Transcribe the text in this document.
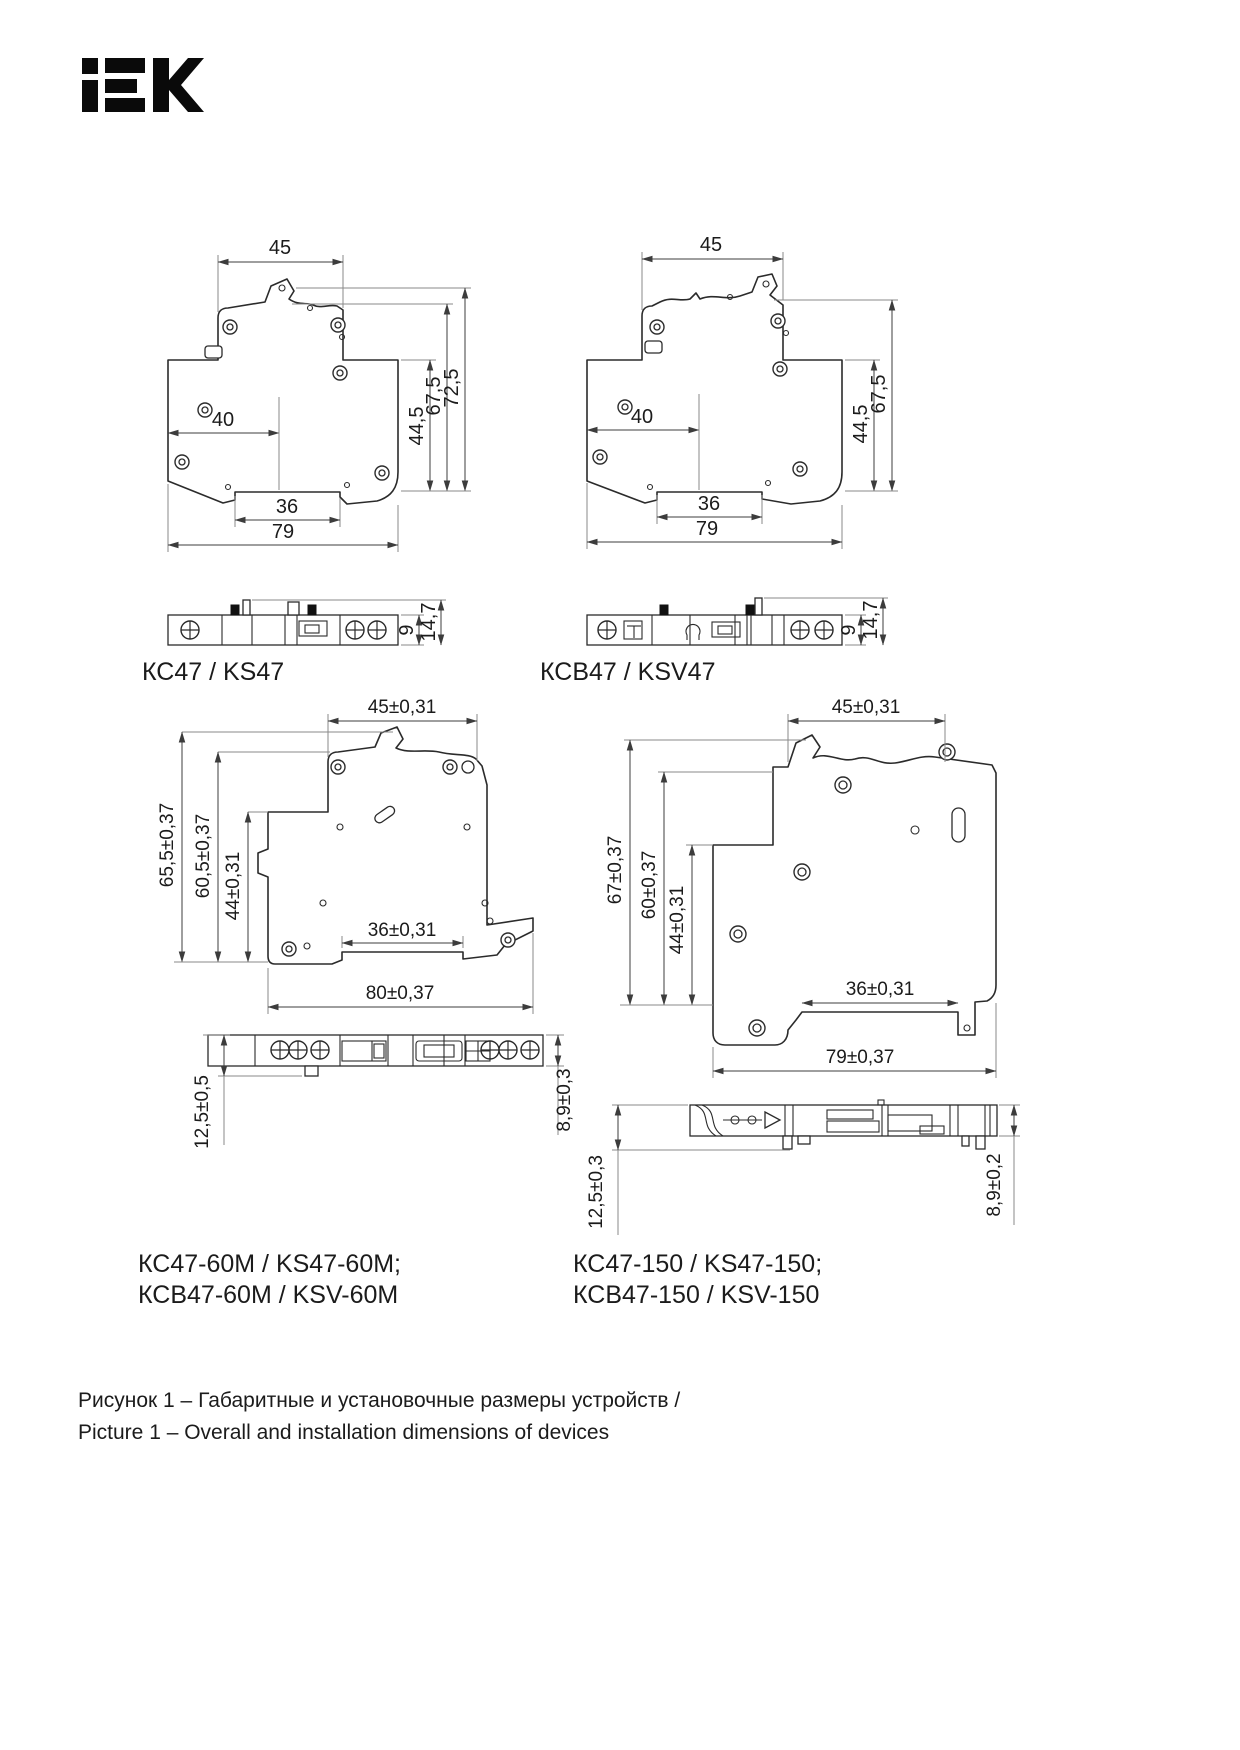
45
40
36
79
44,5
67,5
72,5
9 14,7
КС47 / KS47
45
40
36
79
44,5
67,5
9 14,7
КСВ47 / KSV47
45±0,31
65,5±0,37 60,5±0,37 44±0,31
36±0,31
80±0,37
12,5±0,5	8,9±0,3
КС47-60М / KS47-60M;
КСВ47-60М / KSV-60M
45±0,31
67±0,37 60±0,37
44±0,31
36±0,31
79±0,37
12,5±0,3	8,9±0,2
КС47-150 / KS47-150;
КСВ47-150 / KSV-150
Рисунок 1 – Габаритные и установочные размеры устройств /
Picture 1 – Overall and installation dimensions of devices
